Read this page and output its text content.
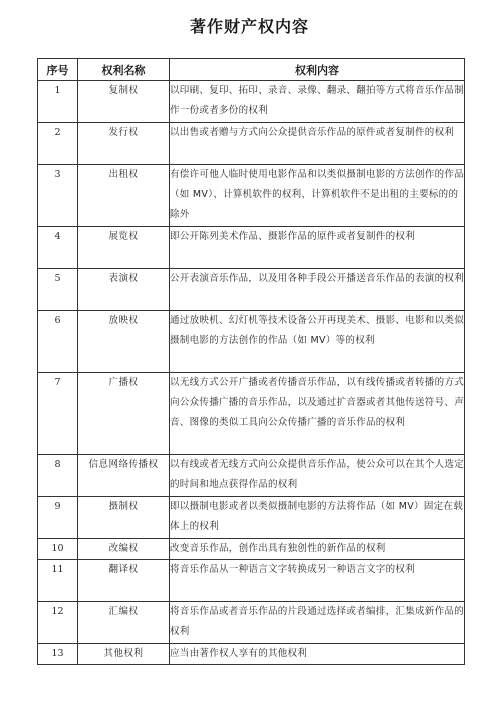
著作财产权内容
序号	权利名称	权利内容
1	复制权	以印刷、复印、拓印、录音、录像、翻录、翻拍等方式将音乐作品制作一份或者多份的权利
2	发行权	以出售或者赠与方式向公众提供音乐作品的原件或者复制件的权利
3	出租权	有偿许可他人临时使用电影作品和以类似摄制电影的方法创作的作品（如 MV）、计算机软件的权利，计算机软件不是出租的主要标的的除外
4	展览权	即公开陈列美术作品、摄影作品的原件或者复制件的权利
5	表演权	公开表演音乐作品，以及用各种手段公开播送音乐作品的表演的权利
6	放映权	通过放映机、幻灯机等技术设备公开再现美术、摄影、电影和以类似摄制电影的方法创作的作品（如 MV）等的权利
7	广播权	以无线方式公开广播或者传播音乐作品，以有线传播或者转播的方式向公众传播广播的音乐作品，以及通过扩音器或者其他传送符号、声音、图像的类似工具向公众传播广播的音乐作品的权利
8	信息网络传播权	以有线或者无线方式向公众提供音乐作品，使公众可以在其个人选定的时间和地点获得作品的权利
9	摄制权	即以摄制电影或者以类似摄制电影的方法将作品（如 MV）固定在载体上的权利
10	改编权	改变音乐作品，创作出具有独创性的新作品的权利
11	翻译权	将音乐作品从一种语言文字转换成另一种语言文字的权利
12	汇编权	将音乐作品或者音乐作品的片段通过选择或者编排，汇集成新作品的权利
13	其他权利	应当由著作权人享有的其他权利
